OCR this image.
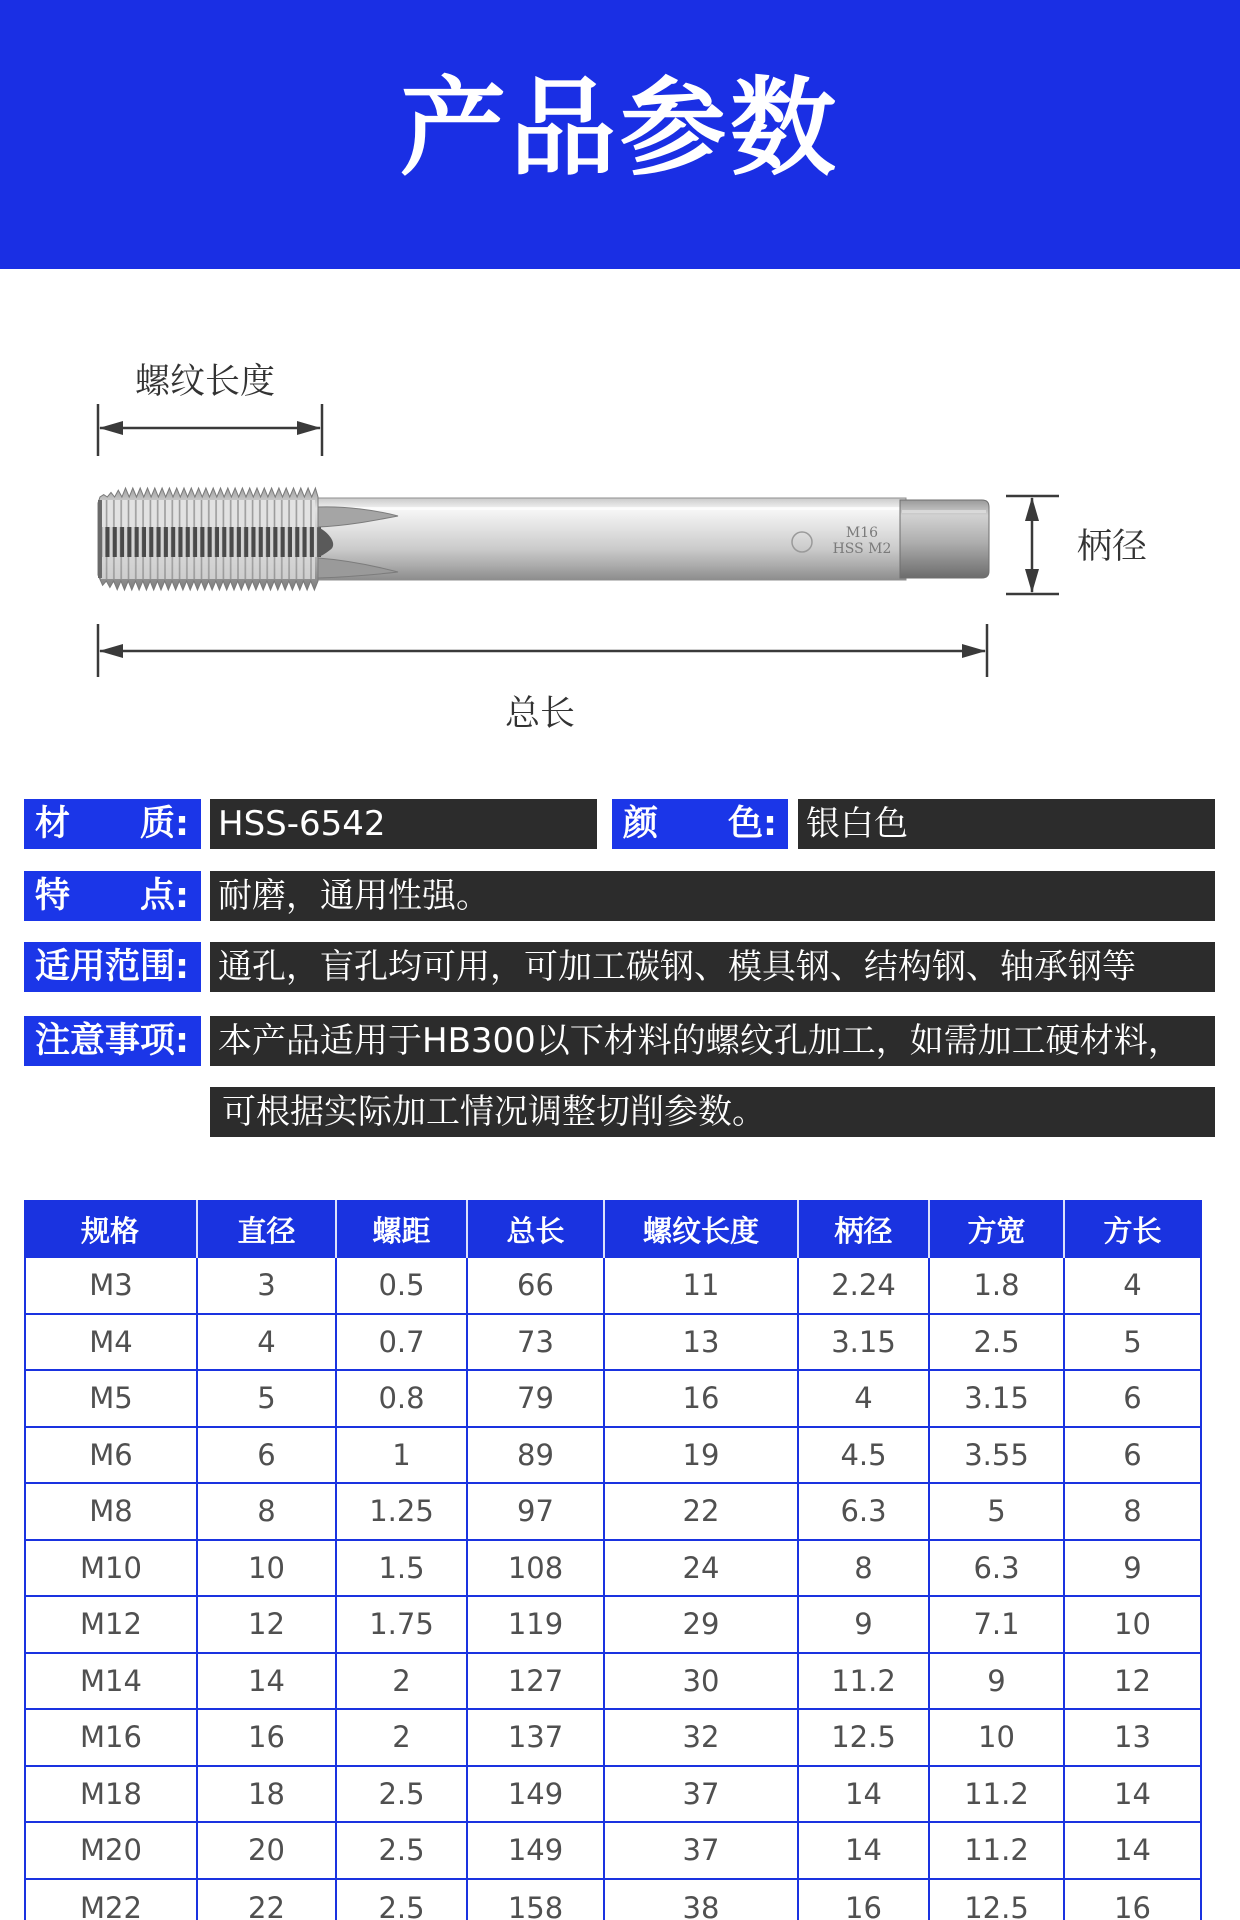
产品参数
M16
HSS M2
螺纹长度
柄径
总长
材　　质: HSS-6542	颜　　色: 银白色
特　　点: 耐磨，通用性强。
适用范围: 通孔，盲孔均可用，可加工碳钢、模具钢、结构钢、轴承钢等
注意事项: 本产品适用于HB300以下材料的螺纹孔加工，如需加工硬材料，
可根据实际加工情况调整切削参数。
规格	直径	螺距	总长	螺纹长度	柄径	方宽	方长
M3	3	0.5	66	11	2.24	1.8	4
M4	4	0.7	73	13	3.15	2.5	5
M5	5	0.8	79	16	4	3.15	6
M6	6	1	89	19	4.5	3.55	6
M8	8	1.25	97	22	6.3	5	8
M10	10	1.5	108	24	8	6.3	9
M12	12	1.75	119	29	9	7.1	10
M14	14	2	127	30	11.2	9	12
M16	16	2	137	32	12.5	10	13
M18	18	2.5	149	37	14	11.2	14
M20	20	2.5	149	37	14	11.2	14
M22	22	2.5	158	38	16	12.5	16
